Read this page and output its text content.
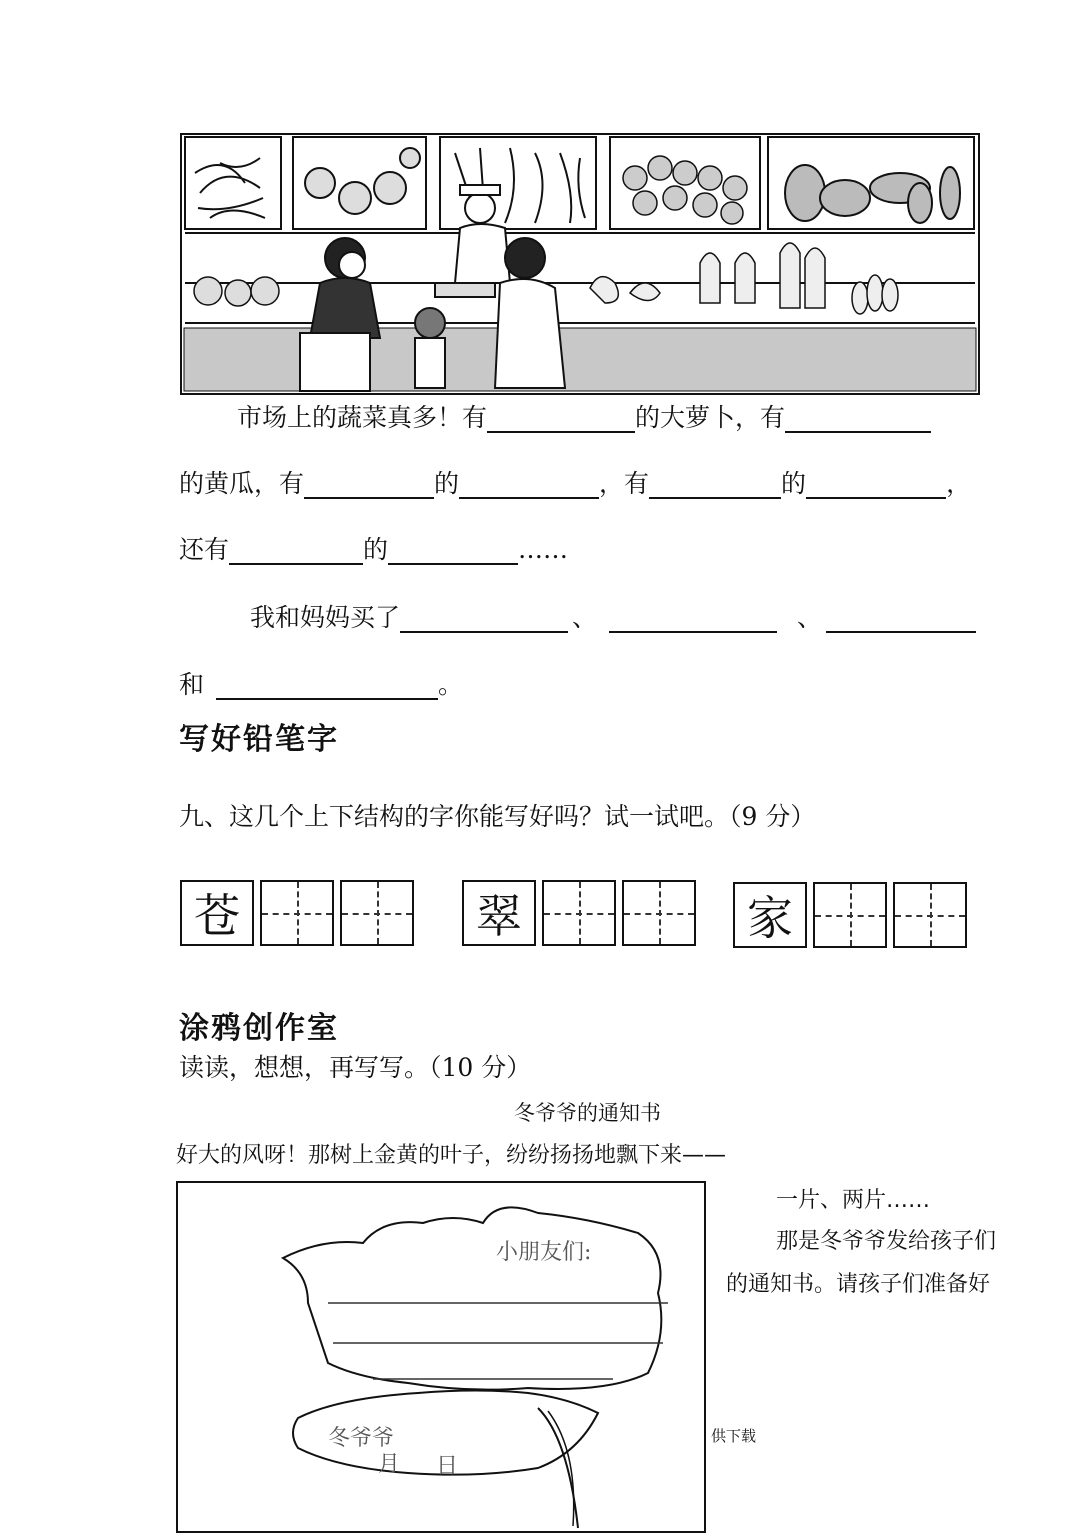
市场上的蔬菜真多！有	的大萝卜，有
的黄瓜，有	的	，有	的	，
还有	的	……
我和妈妈买了	、	、
和	。
写好铅笔字
九、这几个上下结构的字你能写好吗？试一试吧。（9 分）
苍	翠	家
涂鸦创作室
读读，想想，再写写。（10 分）
冬爷爷的通知书
好大的风呀！那树上金黄的叶子，纷纷扬扬地飘下来——
小朋友们:
冬爷爷
月 日
一片、两片……
那是冬爷爷发给孩子们
的通知书。请孩子们准备好
供下载
